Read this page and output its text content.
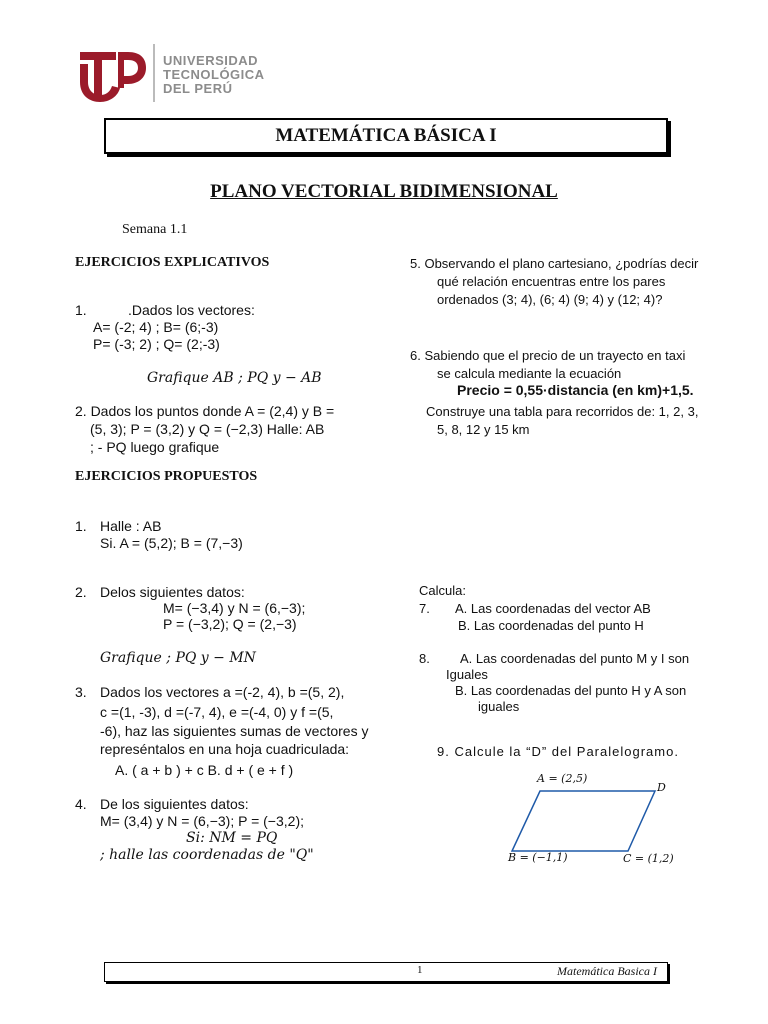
UNIVERSIDAD
TECNOLÓGICA
DEL PERÚ
MATEMÁTICA BÁSICA I
PLANO VECTORIAL BIDIMENSIONAL
Semana 1.1
EJERCICIOS EXPLICATIVOS
1.	.Dados los vectores:
A= (-2; 4) ; B= (6;-3)
P= (-3; 2) ; Q= (2;-3)
Grafique AB ; PQ y − AB
2. Dados los puntos donde A = (2,4) y B =
(5, 3); P = (3,2) y Q = (−2,3) Halle: AB
; - PQ luego grafique
EJERCICIOS PROPUESTOS
1. Halle : AB
Si. A = (5,2); B = (7,−3)
2. Delos siguientes datos:
M= (−3,4) y N = (6,−3);
P = (−3,2); Q = (2,−3)
Grafique ; PQ y − MN
3. Dados los vectores a =(-2, 4), b =(5, 2),
c =(1, -3), d =(-7, 4), e =(-4, 0) y f =(5,
-6), haz las siguientes sumas de vectores y
represéntalos en una hoja cuadriculada:
A. ( a + b ) + c B. d + ( e + f )
4. De los siguientes datos:
M= (3,4) y N = (6,−3); P = (−3,2);
Si: NM = PQ
; halle las coordenadas de "Q"
5. Observando el plano cartesiano, ¿podrías decir
qué relación encuentras entre los pares
ordenados (3; 4), (6; 4) (9; 4) y (12; 4)?
6. Sabiendo que el precio de un trayecto en taxi
se calcula mediante la ecuación
Precio = 0,55·distancia (en km)+1,5.
Construye una tabla para recorridos de: 1, 2, 3,
5, 8, 12 y 15 km
Calcula:
7. A. Las coordenadas del vector AB
B. Las coordenadas del punto H
8. A. Las coordenadas del punto M y I son
Iguales
B. Las coordenadas del punto H y A son
iguales
9. Calcule la “D” del Paralelogramo.
A = (2,5)
D
B = (−1,1)	C = (1,2)
1	Matemática Basica I
